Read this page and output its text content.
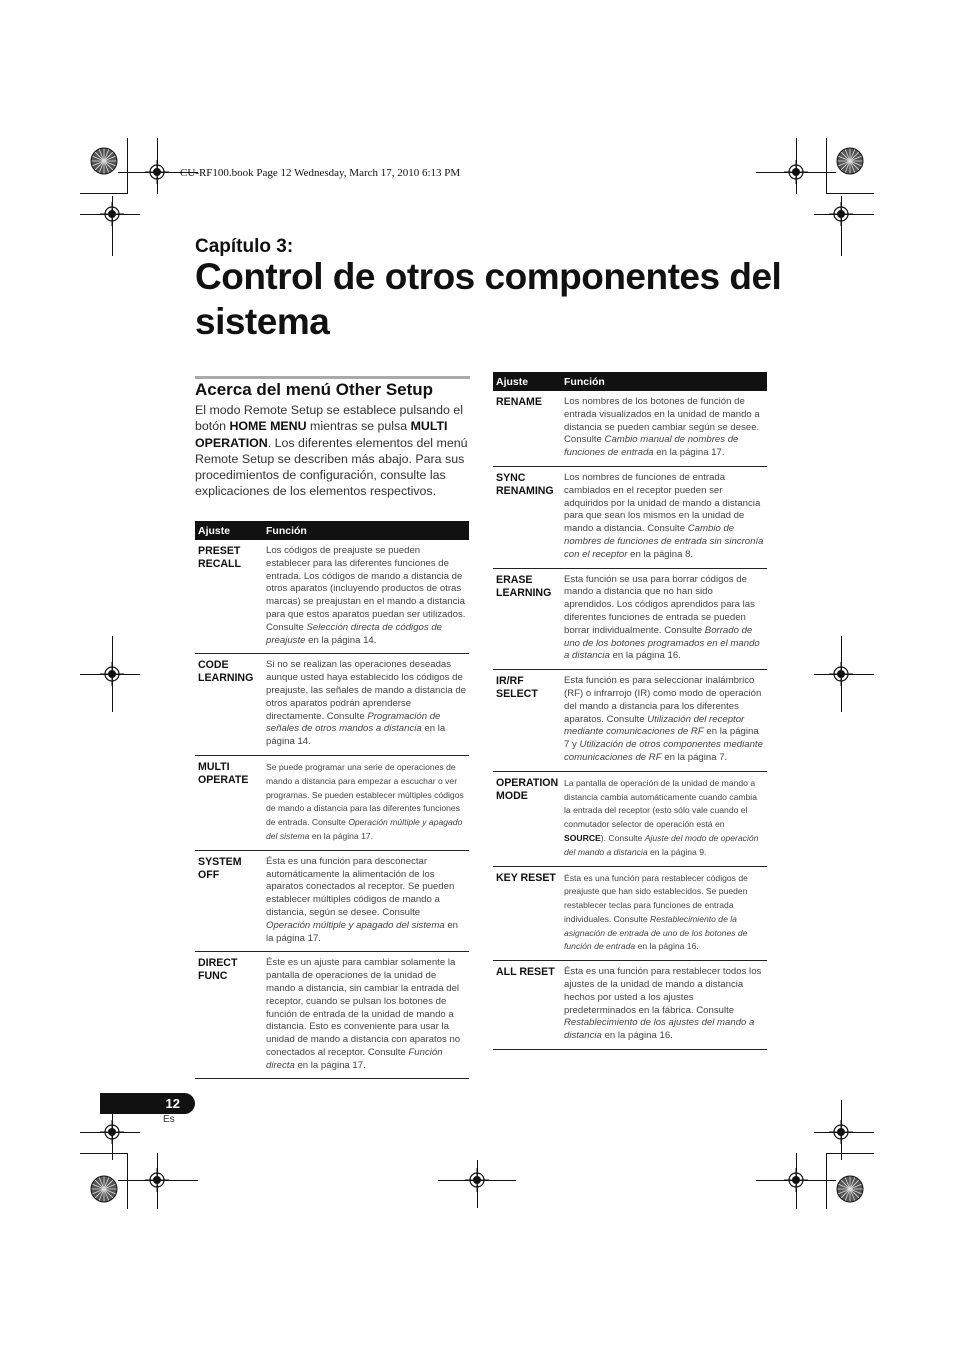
CU-RF100.book Page 12 Wednesday, March 17, 2010 6:13 PM
Capítulo 3:
Control de otros componentes del sistema
Acerca del menú Other Setup
El modo Remote Setup se establece pulsando el botón HOME MENU mientras se pulsa MULTI OPERATION. Los diferentes elementos del menú Remote Setup se describen más abajo. Para sus procedimientos de configuración, consulte las explicaciones de los elementos respectivos.
Ajuste	Función
PRESET RECALL	Los códigos de preajuste se pueden establecer para las diferentes funciones de entrada. Los códigos de mando a distancia de otros aparatos (incluyendo productos de otras marcas) se preajustan en el mando a distancia para que estos aparatos puedan ser utilizados. Consulte Selección directa de códigos de preajuste en la página 14.
CODE LEARNING	Si no se realizan las operaciones deseadas aunque usted haya establecido los códigos de preajuste, las señales de mando a distancia de otros aparatos podrán aprenderse directamente. Consulte Programación de señales de otros mandos a distancia en la página 14.
MULTI OPERATE	Se puede programar una serie de operaciones de mando a distancia para empezar a escuchar o ver programas. Se pueden establecer múltiples códigos de mando a distancia para las diferentes funciones de entrada. Consulte Operación múltiple y apagado del sistema en la página 17.
SYSTEM OFF	Ésta es una función para desconectar automáticamente la alimentación de los aparatos conectados al receptor. Se pueden establecer múltiples códigos de mando a distancia, según se desee. Consulte Operación múltiple y apagado del sistema en la página 17.
DIRECT FUNC	Éste es un ajuste para cambiar solamente la pantalla de operaciones de la unidad de mando a distancia, sin cambiar la entrada del receptor, cuando se pulsan los botones de función de entrada de la unidad de mando a distancia. Esto es conveniente para usar la unidad de mando a distancia con aparatos no conectados al receptor. Consulte Función directa en la página 17.
Ajuste	Función
RENAME	Los nombres de los botones de función de entrada visualizados en la unidad de mando a distancia se pueden cambiar según se desee. Consulte Cambio manual de nombres de funciones de entrada en la página 17.
SYNC RENAMING	Los nombres de funciones de entrada cambiados en el receptor pueden ser adquiridos por la unidad de mando a distancia para que sean los mismos en la unidad de mando a distancia. Consulte Cambio de nombres de funciones de entrada sin sincronía con el receptor en la página 8.
ERASE LEARNING	Esta función se usa para borrar códigos de mando a distancia que no han sido aprendidos. Los códigos aprendidos para las diferentes funciones de entrada se pueden borrar individualmente. Consulte Borrado de uno de los botones programados en el mando a distancia en la página 16.
IR/RF SELECT	Esta función es para seleccionar inalámbrico (RF) o infrarrojo (IR) como modo de operación del mando a distancia para los diferentes aparatos. Consulte Utilización del receptor mediante comunicaciones de RF en la página 7 y Utilización de otros componentes mediante comunicaciones de RF en la página 7.
OPERATION MODE	La pantalla de operación de la unidad de mando a distancia cambia automáticamente cuando cambia la entrada del receptor (esto sólo vale cuando el conmutador selector de operación está en SOURCE). Consulte Ajuste del modo de operación del mando a distancia en la página 9.
KEY RESET	Ésta es una función para restablecer códigos de preajuste que han sido establecidos. Se pueden restablecer teclas para funciones de entrada individuales. Consulte Restablecimiento de la asignación de entrada de uno de los botones de función de entrada en la página 16.
ALL RESET	Ésta es una función para restablecer todos los ajustes de la unidad de mando a distancia hechos por usted a los ajustes predeterminados en la fábrica. Consulte Restablecimiento de los ajustes del mando a distancia en la página 16.
12
Es
